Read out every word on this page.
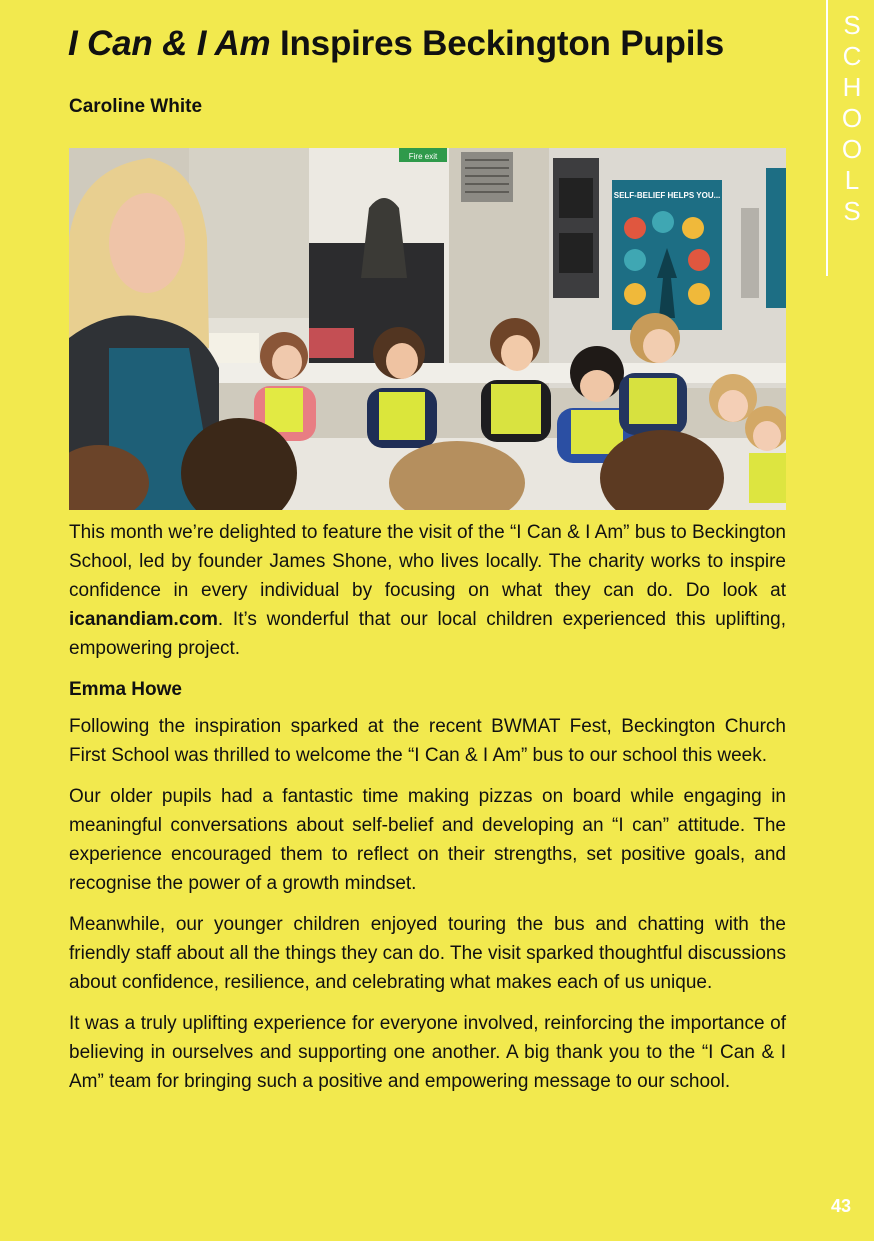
I Can & I Am Inspires Beckington Pupils

Caroline White

Fire exit
SELF-BELIEF HELPS YOU...

This month we’re delighted to feature the visit of the “I Can & I Am” bus to Beckington School, led by founder James Shone, who lives locally. The charity works to inspire confidence in every individual by focusing on what they can do. Do look at icanandiam.com. It’s wonderful that our local children experienced this uplifting, empowering project.

Emma Howe

Following the inspiration sparked at the recent BWMAT Fest, Beckington Church First School was thrilled to welcome the “I Can & I Am” bus to our school this week.

Our older pupils had a fantastic time making pizzas on board while engaging in meaningful conversations about self-belief and developing an “I can” attitude. The experience encouraged them to reflect on their strengths, set positive goals, and recognise the power of a growth mindset.

Meanwhile, our younger children enjoyed touring the bus and chatting with the friendly staff about all the things they can do. The visit sparked thoughtful discussions about confidence, resilience, and celebrating what makes each of us unique.

It was a truly uplifting experience for everyone involved, reinforcing the importance of believing in ourselves and supporting one another. A big thank you to the “I Can & I Am” team for bringing such a positive and empowering message to our school.

S
C
H
O
O
L
S
43
